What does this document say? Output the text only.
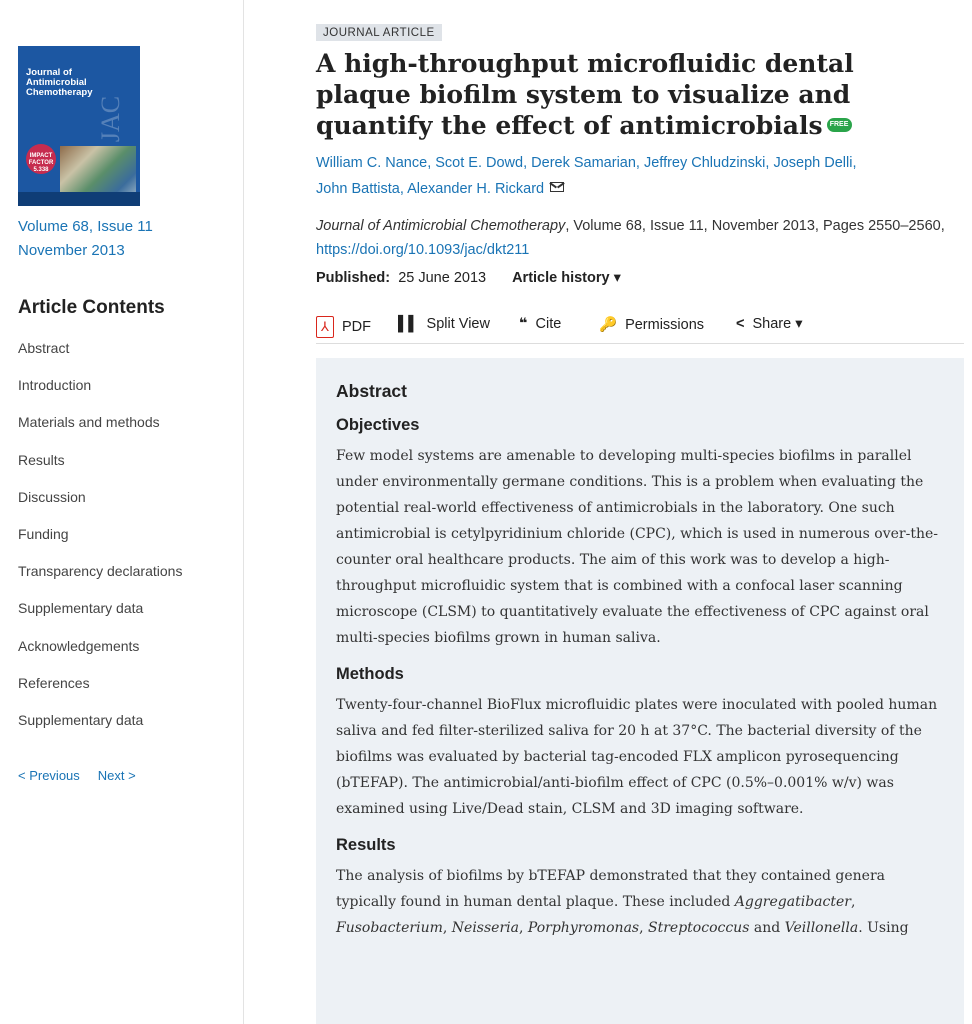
Journal of Antimicrobial Chemotherapy
JAC
IMPACT FACTOR 5.338
Volume 68, Issue 11
November 2013
Article Contents
Abstract
Introduction
Materials and methods
Results
Discussion
Funding
Transparency declarations
Supplementary data
Acknowledgements
References
Supplementary data
< Previous Next >
JOURNAL ARTICLE
A high-throughput microfluidic dental plaque biofilm system to visualize and quantify the effect of antimicrobials FREE
William C. Nance, Scot E. Dowd, Derek Samarian, Jeffrey Chludzinski, Joseph Delli,
John Battista, Alexander H. Rickard
Journal of Antimicrobial Chemotherapy, Volume 68, Issue 11, November 2013, Pages 2550–2560, https://doi.org/10.1093/jac/dkt211
Published: 25 June 2013 Article history ▾
⅄ PDF ▌▌ Split View ❝ Cite	🔑 Permissions < Share ▾
Abstract
Objectives

Few model systems are amenable to developing multi-species biofilms in parallel under environmentally germane conditions. This is a problem when evaluating the potential real-world effectiveness of antimicrobials in the laboratory. One such antimicrobial is cetylpyridinium chloride (CPC), which is used in numerous over-the-counter oral healthcare products. The aim of this work was to develop a high-throughput microfluidic system that is combined with a confocal laser scanning microscope (CLSM) to quantitatively evaluate the effectiveness of CPC against oral multi-species biofilms grown in human saliva.

Methods

Twenty-four-channel BioFlux microfluidic plates were inoculated with pooled human saliva and fed filter-sterilized saliva for 20 h at 37°C. The bacterial diversity of the biofilms was evaluated by bacterial tag-encoded FLX amplicon pyrosequencing (bTEFAP). The antimicrobial/anti-biofilm effect of CPC (0.5%–0.001% w/v) was examined using Live/Dead stain, CLSM and 3D imaging software.

Results

The analysis of biofilms by bTEFAP demonstrated that they contained genera typically found in human dental plaque. These included Aggregatibacter, Fusobacterium, Neisseria, Porphyromonas, Streptococcus and Veillonella. Using
